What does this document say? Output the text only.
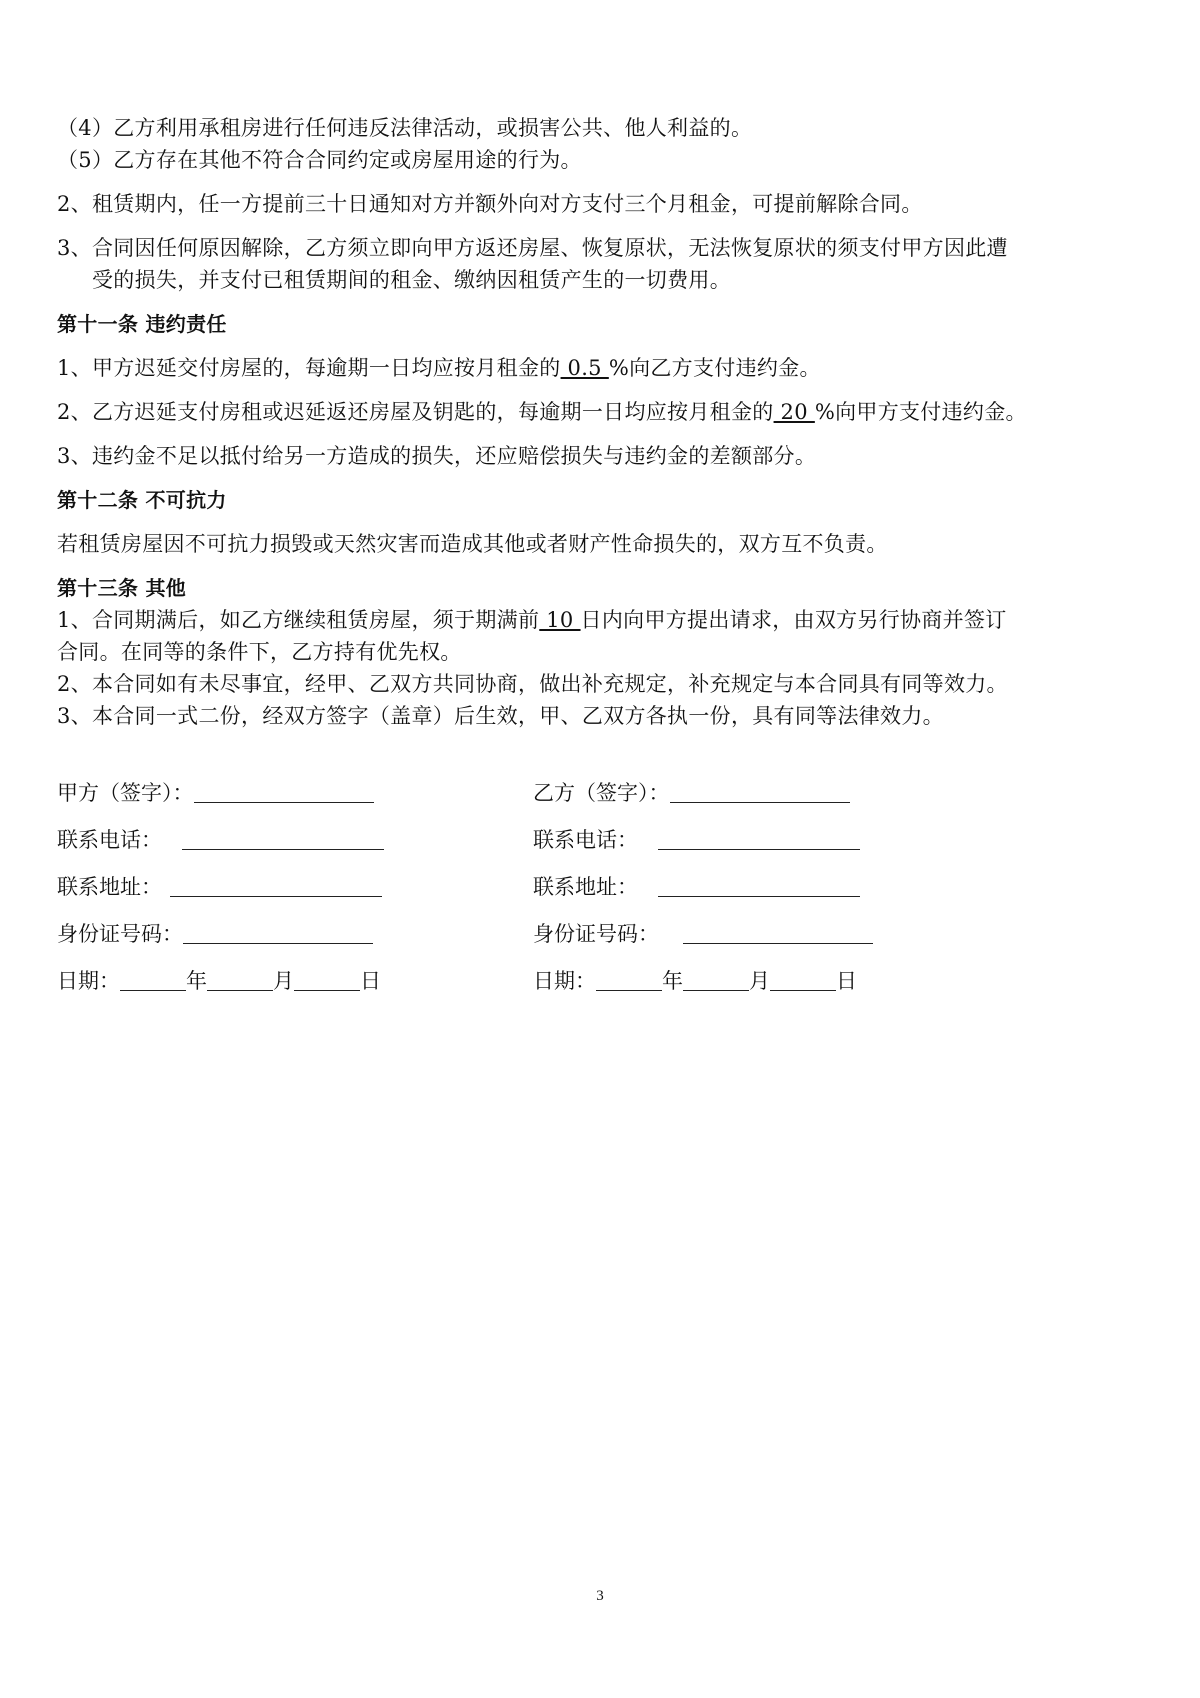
（4）乙方利用承租房进行任何违反法律活动，或损害公共、他人利益的。
（5）乙方存在其他不符合合同约定或房屋用途的行为。
2、租赁期内，任一方提前三十日通知对方并额外向对方支付三个月租金，可提前解除合同。
3、合同因任何原因解除，乙方须立即向甲方返还房屋、恢复原状，无法恢复原状的须支付甲方因此遭
受的损失，并支付已租赁期间的租金、缴纳因租赁产生的一切费用。
第十一条 违约责任
1、甲方迟延交付房屋的，每逾期一日均应按月租金的 0.5 %向乙方支付违约金。
2、乙方迟延支付房租或迟延返还房屋及钥匙的，每逾期一日均应按月租金的 20 %向甲方支付违约金。
3、违约金不足以抵付给另一方造成的损失，还应赔偿损失与违约金的差额部分。
第十二条 不可抗力
若租赁房屋因不可抗力损毁或天然灾害而造成其他或者财产性命损失的，双方互不负责。
第十三条 其他
1、合同期满后，如乙方继续租赁房屋，须于期满前 10 日内向甲方提出请求，由双方另行协商并签订
合同。在同等的条件下，乙方持有优先权。
2、本合同如有未尽事宜，经甲、乙双方共同协商，做出补充规定，补充规定与本合同具有同等效力。
3、本合同一式二份，经双方签字（盖章）后生效，甲、乙双方各执一份，具有同等法律效力。
甲方（签字）：
联系电话：
联系地址：
身份证号码：
日期：	年	月	日
乙方（签字）：
联系电话：
联系地址：
身份证号码：
日期：	年	月	日
3
